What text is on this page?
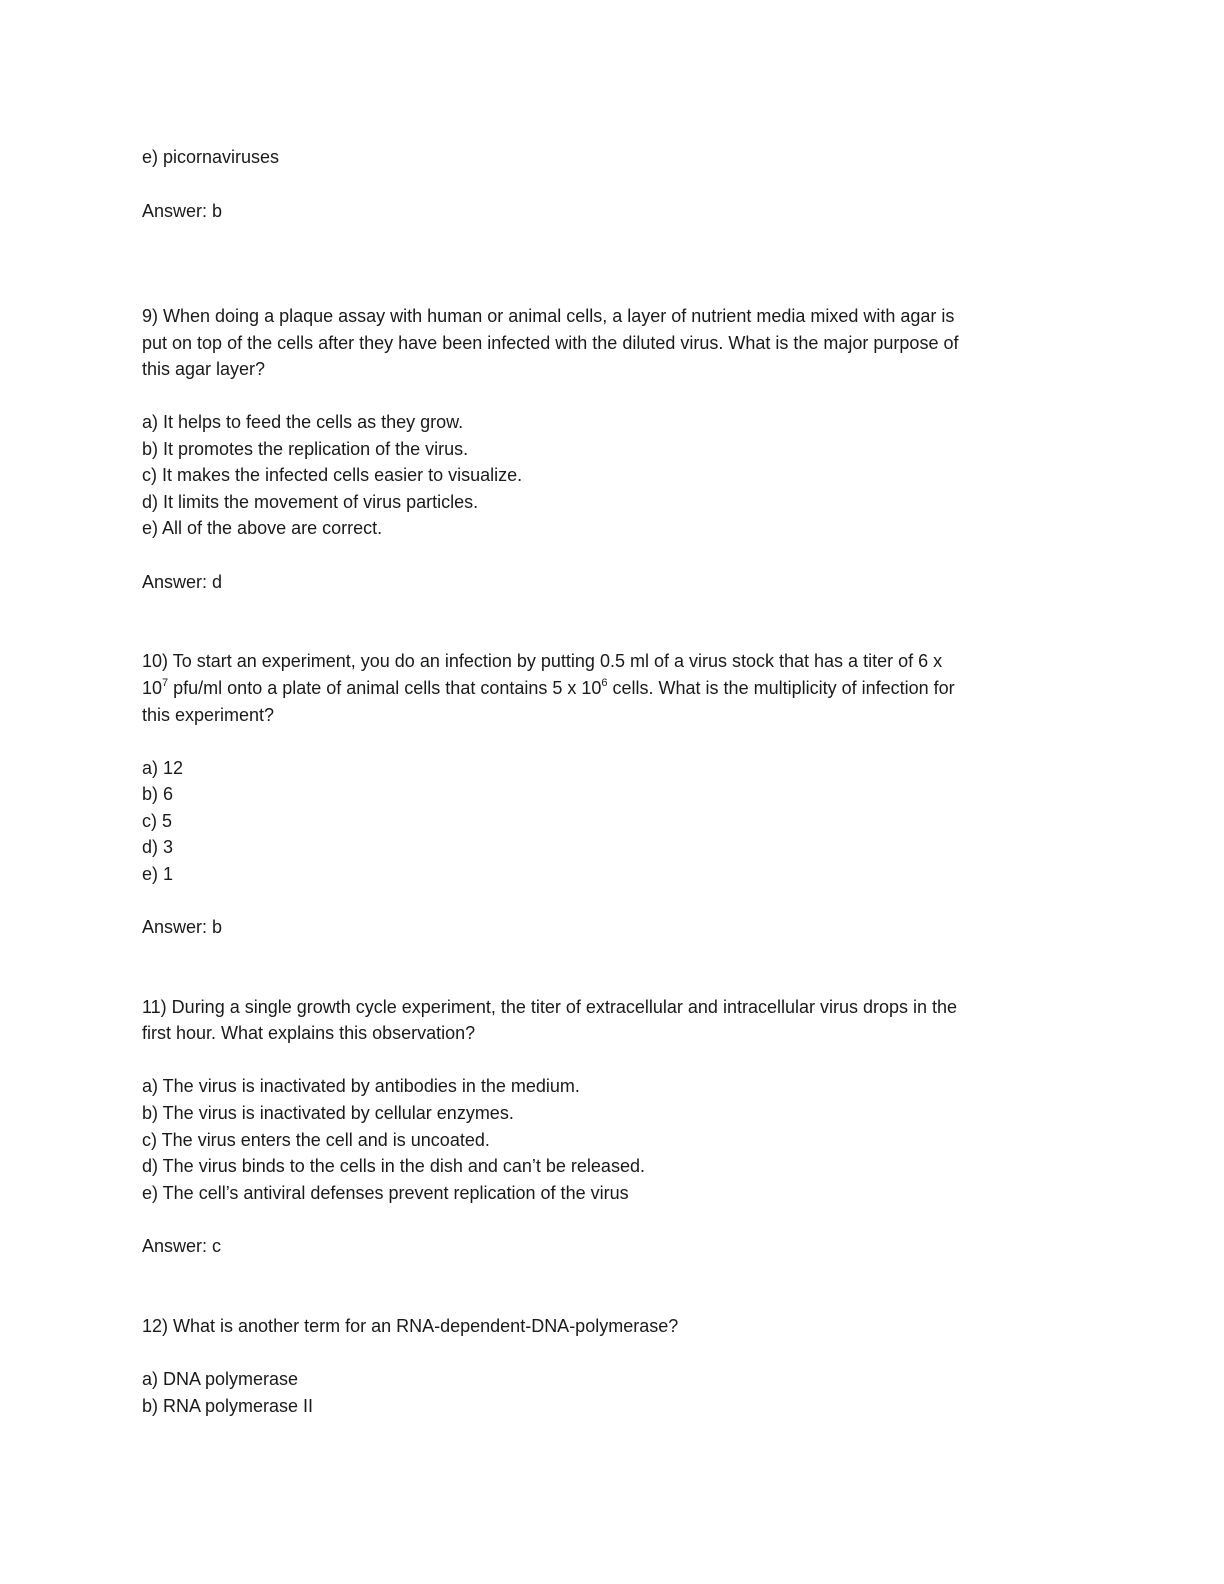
e) picornaviruses
Answer: b
9) When doing a plaque assay with human or animal cells, a layer of nutrient media mixed with agar is
put on top of the cells after they have been infected with the diluted virus. What is the major purpose of
this agar layer?
a) It helps to feed the cells as they grow.
b) It promotes the replication of the virus.
c) It makes the infected cells easier to visualize.
d) It limits the movement of virus particles.
e) All of the above are correct.
Answer: d
10) To start an experiment, you do an infection by putting 0.5 ml of a virus stock that has a titer of 6 x
$10^7$ pfu/ml onto a plate of animal cells that contains 5 x $10^6$ cells. What is the multiplicity of infection for
this experiment?
a) 12
b) 6
c) 5
d) 3
e) 1
Answer: b
11) During a single growth cycle experiment, the titer of extracellular and intracellular virus drops in the
first hour. What explains this observation?
a) The virus is inactivated by antibodies in the medium.
b) The virus is inactivated by cellular enzymes.
c) The virus enters the cell and is uncoated.
d) The virus binds to the cells in the dish and can’t be released.
e) The cell’s antiviral defenses prevent replication of the virus
Answer: c
12) What is another term for an RNA-dependent-DNA-polymerase?
a) DNA polymerase
b) RNA polymerase II
